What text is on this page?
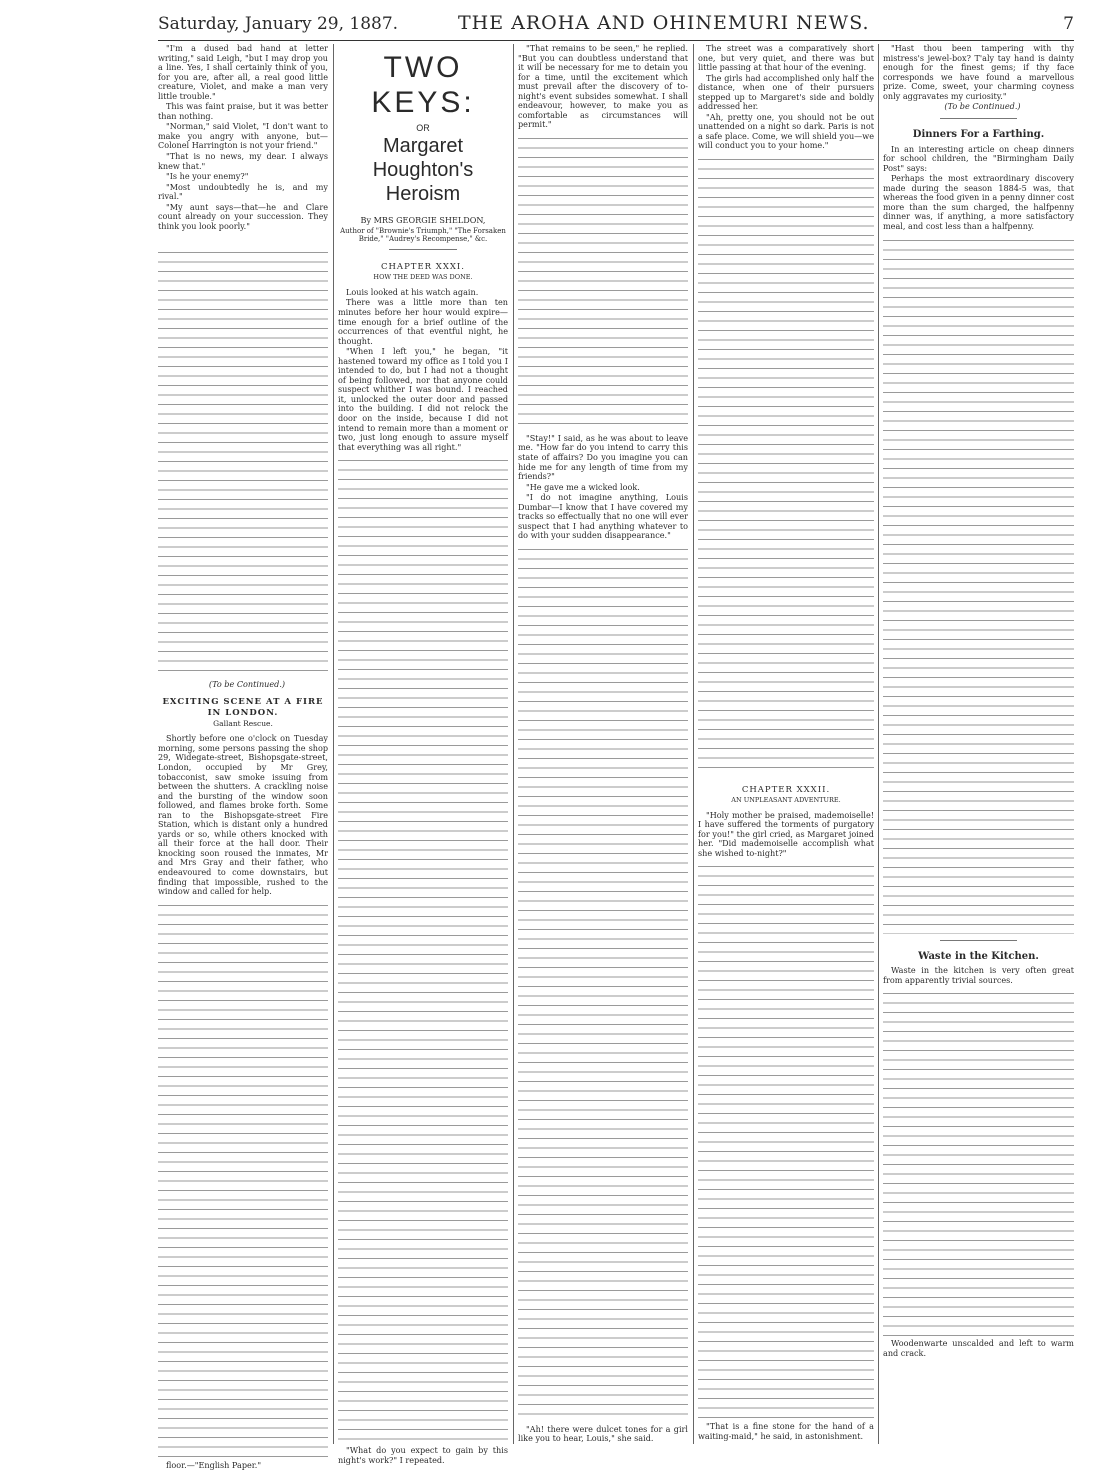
Saturday, January 29, 1887.	THE AROHA AND OHINEMURI NEWS.	7

"I'm a dused bad hand at letter writing," said Leigh, "but I may drop you a line. Yes, I shall certainly think of you, for you are, after all, a real good little creature, Violet, and make a man very little trouble."

This was faint praise, but it was better than nothing.

"Norman," said Violet, "I don't want to make you angry with anyone, but—Colonel Harrington is not your friend."

"That is no news, my dear. I always knew that."

"Is he your enemy?"

"Most undoubtedly he is, and my rival."

"My aunt says—that—he and Clare count already on your succession. They think you look poorly."

(To be Continued.)

EXCITING SCENE AT A FIRE IN LONDON.
Gallant Rescue.

Shortly before one o'clock on Tuesday morning, some persons passing the shop 29, Widegate-street, Bishopsgate-street, London, occupied by Mr Grey, tobacconist, saw smoke issuing from between the shutters. A crackling noise and the bursting of the window soon followed, and flames broke forth. Some ran to the Bishopsgate-street Fire Station, which is distant only a hundred yards or so, while others knocked with all their force at the hall door. Their knocking soon roused the inmates, Mr and Mrs Gray and their father, who endeavoured to come downstairs, but finding that impossible, rushed to the window and called for help.

floor.—"English Paper."

TWO KEYS:
OR
Margaret Houghton's Heroism

By MRS GEORGIE SHELDON,

Author of "Brownie's Triumph," "The Forsaken Bride," "Audrey's Recompense," &c.

CHAPTER XXXI.
HOW THE DEED WAS DONE.

Louis looked at his watch again.

There was a little more than ten minutes before her hour would expire—time enough for a brief outline of the occurrences of that eventful night, he thought.

"When I left you," he began, "it hastened toward my office as I told you I intended to do, but I had not a thought of being followed, nor that anyone could suspect whither I was bound. I reached it, unlocked the outer door and passed into the building. I did not relock the door on the inside, because I did not intend to remain more than a moment or two, just long enough to assure myself that everything was all right."

"What do you expect to gain by this night's work?" I repeated.

"That remains to be seen," he replied. "But you can doubtless understand that it will be necessary for me to detain you for a time, until the excitement which must prevail after the discovery of to-night's event subsides somewhat. I shall endeavour, however, to make you as comfortable as circumstances will permit."

"Stay!" I said, as he was about to leave me. "How far do you intend to carry this state of affairs? Do you imagine you can hide me for any length of time from my friends?"

"He gave me a wicked look.

"I do not imagine anything, Louis Dumbar—I know that I have covered my tracks so effectually that no one will ever suspect that I had anything whatever to do with your sudden disappearance."

"Ah! there were dulcet tones for a girl like you to hear, Louis," she said.

The street was a comparatively short one, but very quiet, and there was but little passing at that hour of the evening.

The girls had accomplished only half the distance, when one of their pursuers stepped up to Margaret's side and boldly addressed her.

"Ah, pretty one, you should not be out unattended on a night so dark. Paris is not a safe place. Come, we will shield you—we will conduct you to your home."

CHAPTER XXXII.
AN UNPLEASANT ADVENTURE.

"Holy mother be praised, mademoiselle! I have suffered the torments of purgatory for you!" the girl cried, as Margaret joined her. "Did mademoiselle accomplish what she wished to-night?"

"That is a fine stone for the hand of a waiting-maid," he said, in astonishment.

"Hast thou been tampering with thy mistress's jewel-box? T'aly tay hand is dainty enough for the finest gems; if thy face corresponds we have found a marvellous prize. Come, sweet, your charming coyness only aggravates my curiosity."

(To be Continued.)

Dinners For a Farthing.

In an interesting article on cheap dinners for school children, the "Birmingham Daily Post" says:

Perhaps the most extraordinary discovery made during the season 1884-5 was, that whereas the food given in a penny dinner cost more than the sum charged, the halfpenny dinner was, if anything, a more satisfactory meal, and cost less than a halfpenny.

Waste in the Kitchen.

Waste in the kitchen is very often great from apparently trivial sources.

Woodenwarte unscalded and left to warm and crack.
